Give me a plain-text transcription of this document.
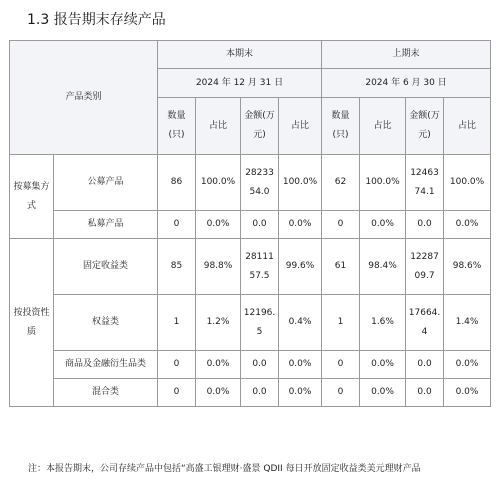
1.3 报告期末存续产品
产品类别		本期末				上期末			
		2024 年 12 月 31 日				2024 年 6 月 30 日			
		数量(只)	占比	金额(万元)	占比	数量(只)	占比	金额(万元)	占比
按募集方式	公募产品	86	100.0%	2823354.0	100.0%	62	100.0%	1246374.1	100.0%
	私募产品	0	0.0%	0.0	0.0%	0	0.0%	0.0	0.0%
按投资性质	固定收益类	85	98.8%	2811157.5	99.6%	61	98.4%	1228709.7	98.6%
	权益类	1	1.2%	12196.5	0.4%	1	1.6%	17664.4	1.4%
	商品及金融衍生品类	0	0.0%	0.0	0.0%	0	0.0%	0.0	0.0%
	混合类	0	0.0%	0.0	0.0%	0	0.0%	0.0	0.0%
注：本报告期末，公司存续产品中包括“高盛工银理财·盛景 QDII 每日开放固定收益类美元理财产品
